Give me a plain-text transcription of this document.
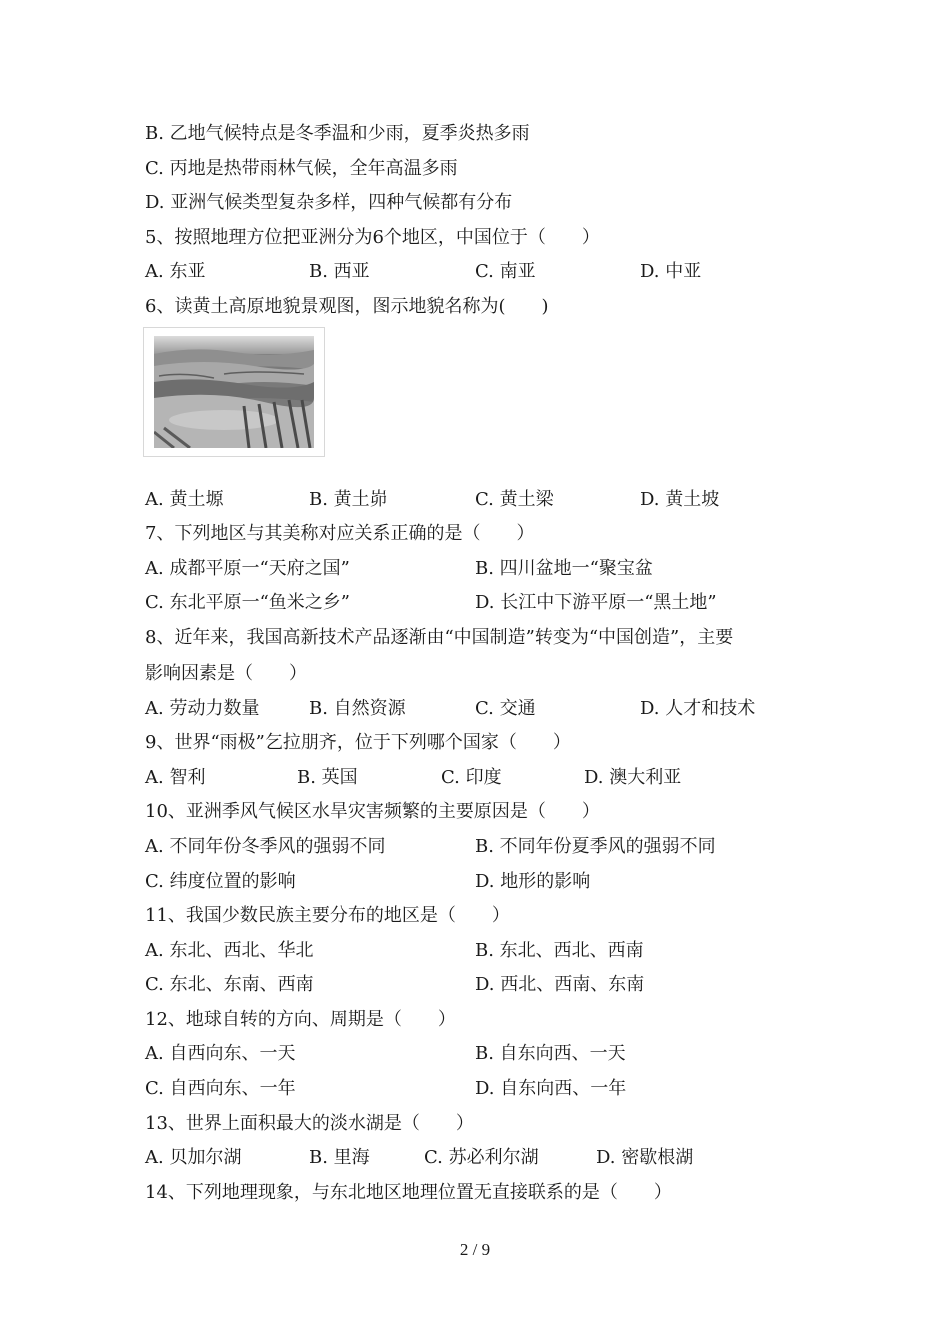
B. 乙地气候特点是冬季温和少雨，夏季炎热多雨
C. 丙地是热带雨林气候，全年高温多雨
D. 亚洲气候类型复杂多样，四种气候都有分布
5、按照地理方位把亚洲分为6个地区，中国位于（　　）
A. 东亚	B. 西亚	C. 南亚	D. 中亚
6、读黄土高原地貌景观图，图示地貌名称为(　　)
A. 黄土塬	B. 黄土峁	C. 黄土梁	D. 黄土坡
7、下列地区与其美称对应关系正确的是（　　）
A. 成都平原一“天府之国”	B. 四川盆地一“聚宝盆
C. 东北平原一“鱼米之乡”	D. 长江中下游平原一“黑土地”
8、近年来，我国高新技术产品逐渐由“中国制造”转变为“中国创造”，主要
影响因素是（　　）
A. 劳动力数量	B. 自然资源	C. 交通	D. 人才和技术
9、世界“雨极”乞拉朋齐，位于下列哪个国家（　　）
A. 智利	B. 英国	C. 印度	D. 澳大利亚
10、亚洲季风气候区水旱灾害频繁的主要原因是（　　）
A. 不同年份冬季风的强弱不同	B. 不同年份夏季风的强弱不同
C. 纬度位置的影响	D. 地形的影响
11、我国少数民族主要分布的地区是（　　）
A. 东北、西北、华北	B. 东北、西北、西南
C. 东北、东南、西南	D. 西北、西南、东南
12、地球自转的方向、周期是（　　）
A. 自西向东、一天	B. 自东向西、一天
C. 自西向东、一年	D. 自东向西、一年
13、世界上面积最大的淡水湖是（　　）
A. 贝加尔湖	B. 里海	C. 苏必利尔湖	D. 密歇根湖
14、下列地理现象，与东北地区地理位置无直接联系的是（　　）
2 / 9
